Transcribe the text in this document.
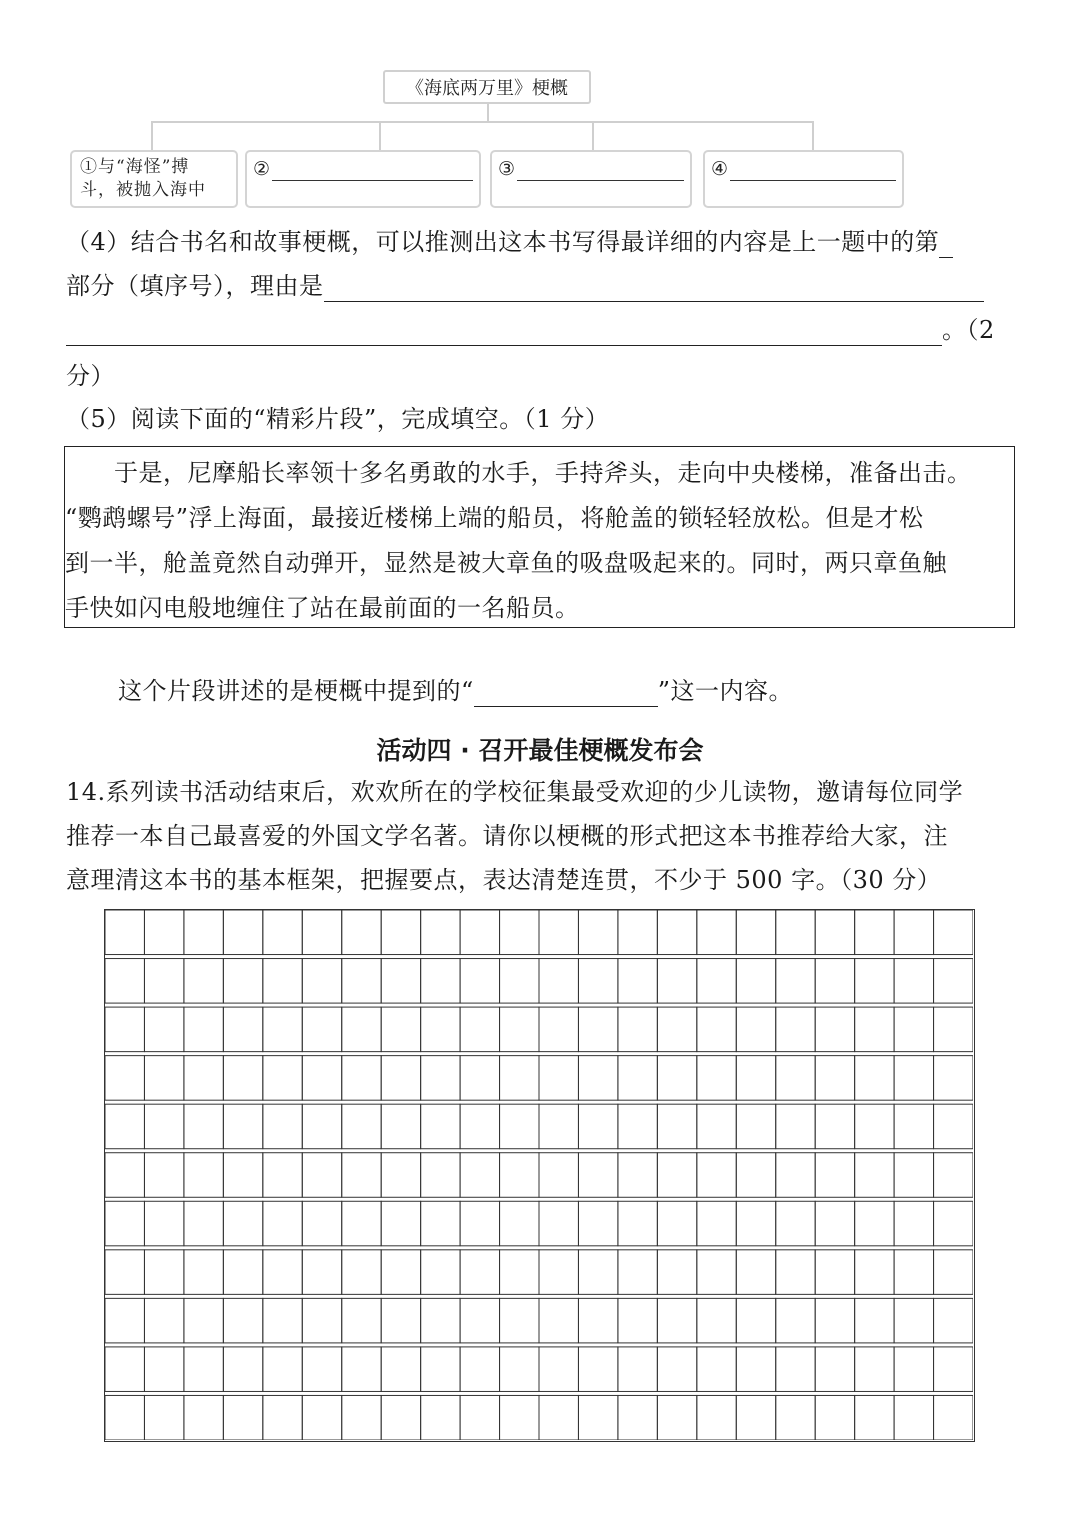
《海底两万里》梗概
①与“海怪”搏
斗，被抛入海中
②	③	④
（4）结合书名和故事梗概，可以推测出这本书写得最详细的内容是上一题中的第
部分（填序号），理由是
。（2
分）
（5）阅读下面的“精彩片段”，完成填空。（1 分）
　　于是，尼摩船长率领十多名勇敢的水手，手持斧头，走向中央楼梯，准备出击。
“鹦鹉螺号”浮上海面，最接近楼梯上端的船员，将舱盖的锁轻轻放松。但是才松
到一半，舱盖竟然自动弹开，显然是被大章鱼的吸盘吸起来的。同时，两只章鱼触
手快如闪电般地缠住了站在最前面的一名船员。
这个片段讲述的是梗概中提到的“	”这一内容。
活动四 · 召开最佳梗概发布会
14.系列读书活动结束后，欢欢所在的学校征集最受欢迎的少儿读物，邀请每位同学
推荐一本自己最喜爱的外国文学名著。请你以梗概的形式把这本书推荐给大家，注
意理清这本书的基本框架，把握要点，表达清楚连贯，不少于 500 字。（30 分）
